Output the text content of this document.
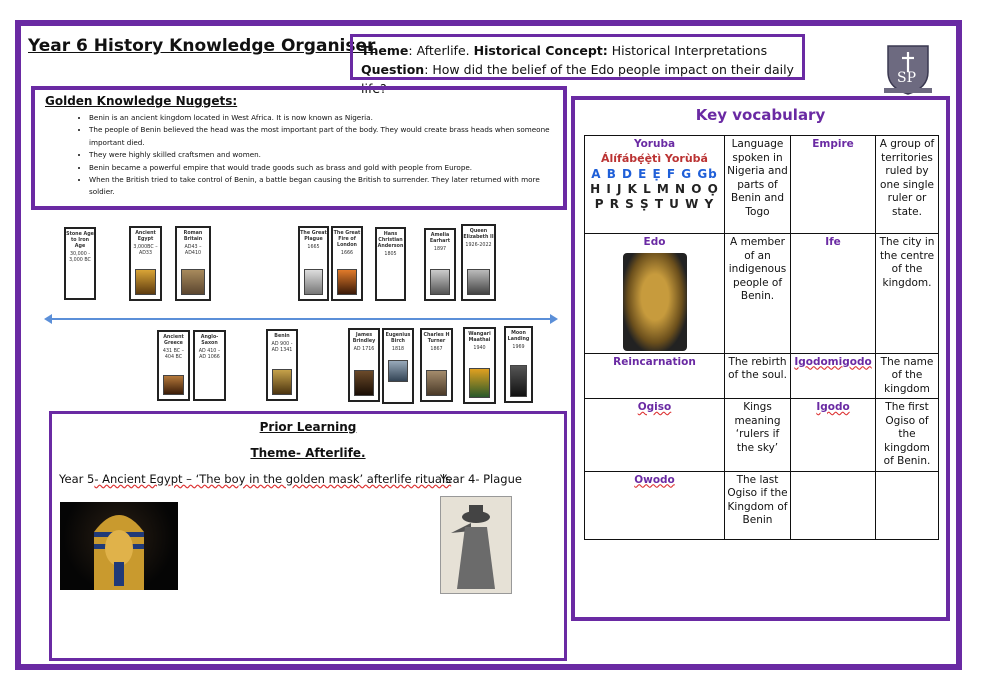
Year 6 History Knowledge Organiser
Theme: Afterlife. Historical Concept: Historical Interpretations
Question: How did the belief of the Edo people impact on their daily life?
SP
Golden Knowledge Nuggets:
• Benin is an ancient kingdom located in West Africa. It is now known as Nigeria.
• The people of Benin believed the head was the most important part of the body. They would create brass heads when someone important died.
• They were highly skilled craftsmen and women.
• Benin became a powerful empire that would trade goods such as brass and gold with people from Europe.
• When the British tried to take control of Benin, a battle began causing the British to surrender. They later returned with more soldier.
Stone Age to Iron Age
30,000 - 3,000 BC
Ancient Egypt
3,000BC – AD33
Roman Britain
AD43 – AD410
The Great Plague
1665
The Great Fire of London
1666
Hans Christian Anderson
1805
Amelia Earhart
1897
Queen Elizabeth II
1926-2022
Ancient Greece
431 BC – 404 BC
Anglo-Saxon
AD 410 – AD 1066
Benin
AD 900 - AD 1341
James Brindley
AD 1716
Eugenius Birch
1818
Charles H Turner
1867
Wangari Maathai
1940
Moon Landing
1969
Prior Learning
Theme- Afterlife.
Year 5- Ancient Egypt – ‘The boy in the golden mask’ afterlife rituals
Year 4- Plague
Key vocabulary
Yoruba
Álífábẹ́ẹ̀tì Yorùbá
A B D E Ẹ F G Gb
H I J K L M N O Ọ
P R S Ṣ T U W Y	Language spoken in Nigeria and parts of Benin and Togo	Empire	A group of territories ruled by one single ruler or state.

Edo	A member of an indigenous people of Benin.	Ife	The city in the centre of the kingdom.
Reincarnation	The rebirth of the soul.	Igodomigodo	The name of the kingdom
Ogiso	Kings meaning ‘rulers if the sky’	Igodo	The first Ogiso of the kingdom of Benin.
Owodo	The last Ogiso if the Kingdom of Benin		
